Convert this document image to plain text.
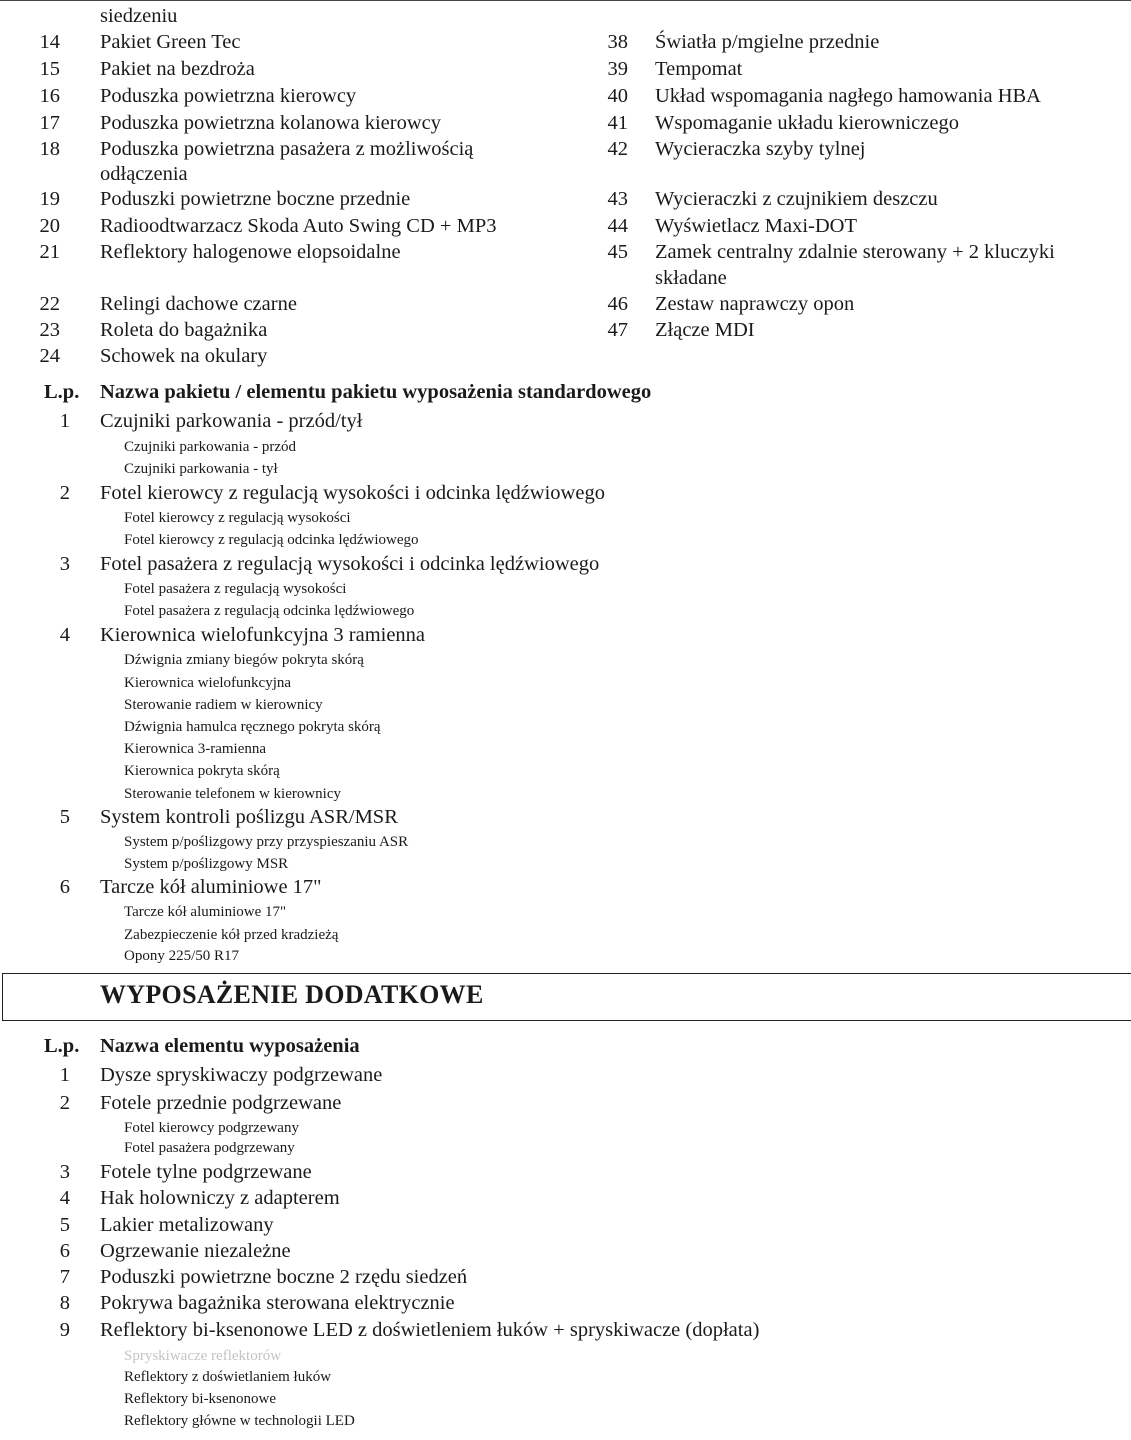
siedzeniu
14 Pakiet Green Tec
15 Pakiet na bezdroża
16 Poduszka powietrzna kierowcy
17 Poduszka powietrzna kolanowa kierowcy
18 Poduszka powietrzna pasażera z możliwością
odłączenia
19 Poduszki powietrzne boczne przednie
20 Radioodtwarzacz Skoda Auto Swing CD + MP3
21 Reflektory halogenowe elopsoidalne
22 Relingi dachowe czarne
23 Roleta do bagażnika
24 Schowek na okulary
38 Światła p/mgielne przednie
39 Tempomat
40 Układ wspomagania nagłego hamowania HBA
41 Wspomaganie układu kierowniczego
42 Wycieraczka szyby tylnej
43 Wycieraczki z czujnikiem deszczu
44 Wyświetlacz Maxi-DOT
45 Zamek centralny zdalnie sterowany + 2 kluczyki
składane
46 Zestaw naprawczy opon
47 Złącze MDI
L.p. Nazwa pakietu / elementu pakietu wyposażenia standardowego
1 Czujniki parkowania - przód/tył
Czujniki parkowania - przód
Czujniki parkowania - tył
2 Fotel kierowcy z regulacją wysokości i odcinka lędźwiowego
Fotel kierowcy z regulacją wysokości
Fotel kierowcy z regulacją odcinka lędźwiowego
3 Fotel pasażera z regulacją wysokości i odcinka lędźwiowego
Fotel pasażera z regulacją wysokości
Fotel pasażera z regulacją odcinka lędźwiowego
4 Kierownica wielofunkcyjna 3 ramienna
Dźwignia zmiany biegów pokryta skórą
Kierownica wielofunkcyjna
Sterowanie radiem w kierownicy
Dźwignia hamulca ręcznego pokryta skórą
Kierownica 3-ramienna
Kierownica pokryta skórą
Sterowanie telefonem w kierownicy
5 System kontroli poślizgu ASR/MSR
System p/poślizgowy przy przyspieszaniu ASR
System p/poślizgowy MSR
6 Tarcze kół aluminiowe 17"
Tarcze kół aluminiowe 17"
Zabezpieczenie kół przed kradzieżą
Opony 225/50 R17
WYPOSAŻENIE DODATKOWE
L.p. Nazwa elementu wyposażenia
1 Dysze spryskiwaczy podgrzewane
2 Fotele przednie podgrzewane
Fotel kierowcy podgrzewany
Fotel pasażera podgrzewany
3 Fotele tylne podgrzewane
4 Hak holowniczy z adapterem
5 Lakier metalizowany
6 Ogrzewanie niezależne
7 Poduszki powietrzne boczne 2 rzędu siedzeń
8 Pokrywa bagażnika sterowana elektrycznie
9 Reflektory bi-ksenonowe LED z doświetleniem łuków + spryskiwacze (dopłata)
Spryskiwacze reflektorów
Reflektory z doświetlaniem łuków
Reflektory bi-ksenonowe
Reflektory główne w technologii LED
